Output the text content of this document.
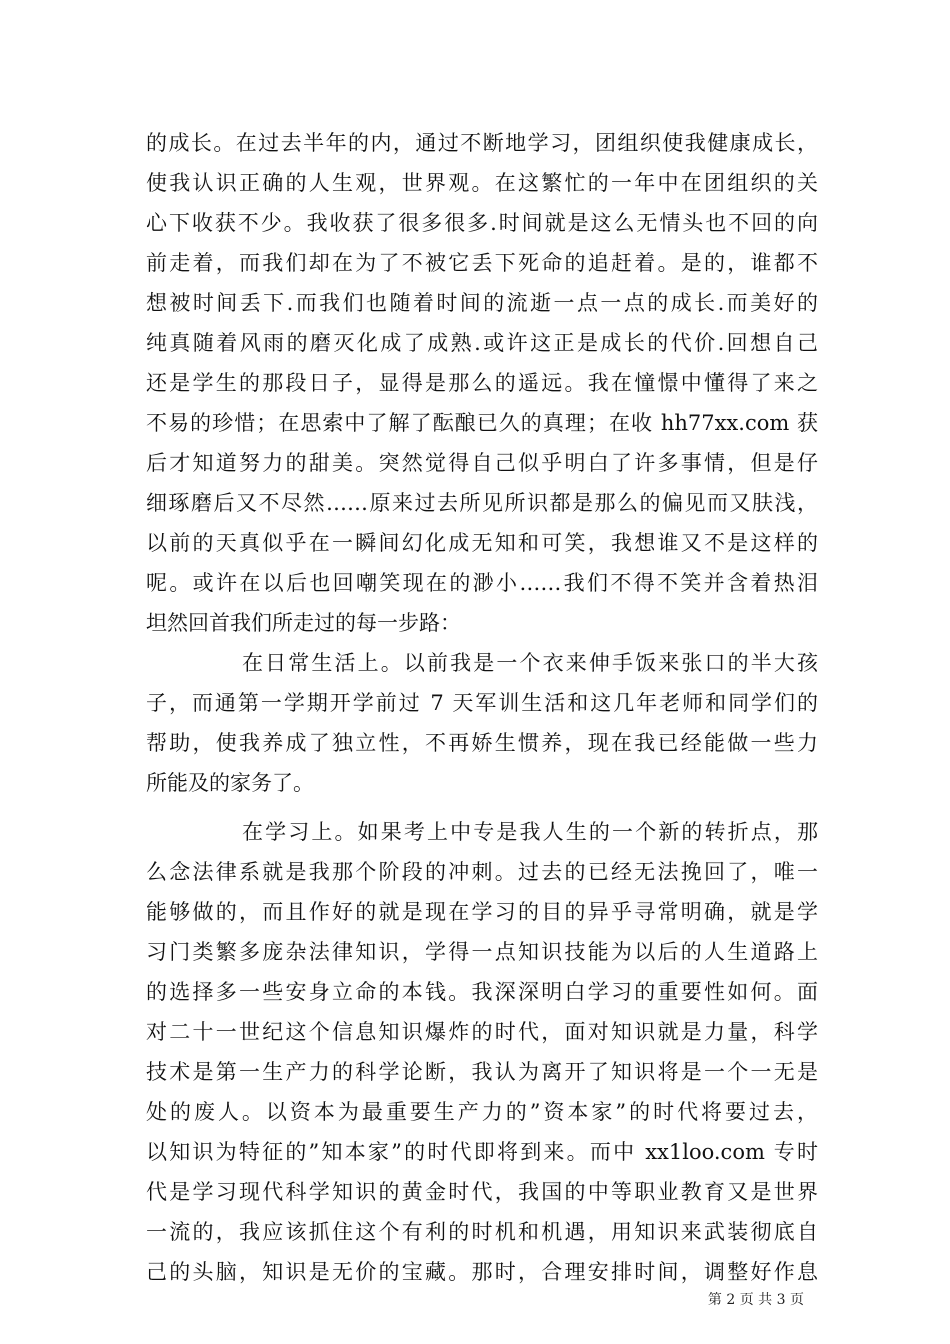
的成长。在过去半年的内，通过不断地学习，团组织使我健康成长，
使我认识正确的人生观，世界观。在这繁忙的一年中在团组织的关
心下收获不少。我收获了很多很多.时间就是这么无情头也不回的向
前走着，而我们却在为了不被它丢下死命的追赶着。是的，谁都不
想被时间丢下.而我们也随着时间的流逝一点一点的成长.而美好的
纯真随着风雨的磨灭化成了成熟.或许这正是成长的代价.回想自己
还是学生的那段日子，显得是那么的遥远。我在憧憬中懂得了来之
不易的珍惜；在思索中了解了酝酿已久的真理；在收 hh77xx.com 获
后才知道努力的甜美。突然觉得自己似乎明白了许多事情，但是仔
细琢磨后又不尽然……原来过去所见所识都是那么的偏见而又肤浅，
以前的天真似乎在一瞬间幻化成无知和可笑，我想谁又不是这样的
呢。或许在以后也回嘲笑现在的渺小……我们不得不笑并含着热泪
坦然回首我们所走过的每一步路：
在日常生活上。以前我是一个衣来伸手饭来张口的半大孩
子，而通第一学期开学前过 7 天军训生活和这几年老师和同学们的
帮助，使我养成了独立性，不再娇生惯养，现在我已经能做一些力
所能及的家务了。
在学习上。如果考上中专是我人生的一个新的转折点，那
么念法律系就是我那个阶段的冲刺。过去的已经无法挽回了，唯一
能够做的，而且作好的就是现在学习的目的异乎寻常明确，就是学
习门类繁多庞杂法律知识，学得一点知识技能为以后的人生道路上
的选择多一些安身立命的本钱。我深深明白学习的重要性如何。面
对二十一世纪这个信息知识爆炸的时代，面对知识就是力量，科学
技术是第一生产力的科学论断，我认为离开了知识将是一个一无是
处的废人。以资本为最重要生产力的”资本家”的时代将要过去，
以知识为特征的”知本家”的时代即将到来。而中 xx1loo.com 专时
代是学习现代科学知识的黄金时代，我国的中等职业教育又是世界
一流的，我应该抓住这个有利的时机和机遇，用知识来武装彻底自
己的头脑，知识是无价的宝藏。那时，合理安排时间，调整好作息
第 2 页 共 3 页
